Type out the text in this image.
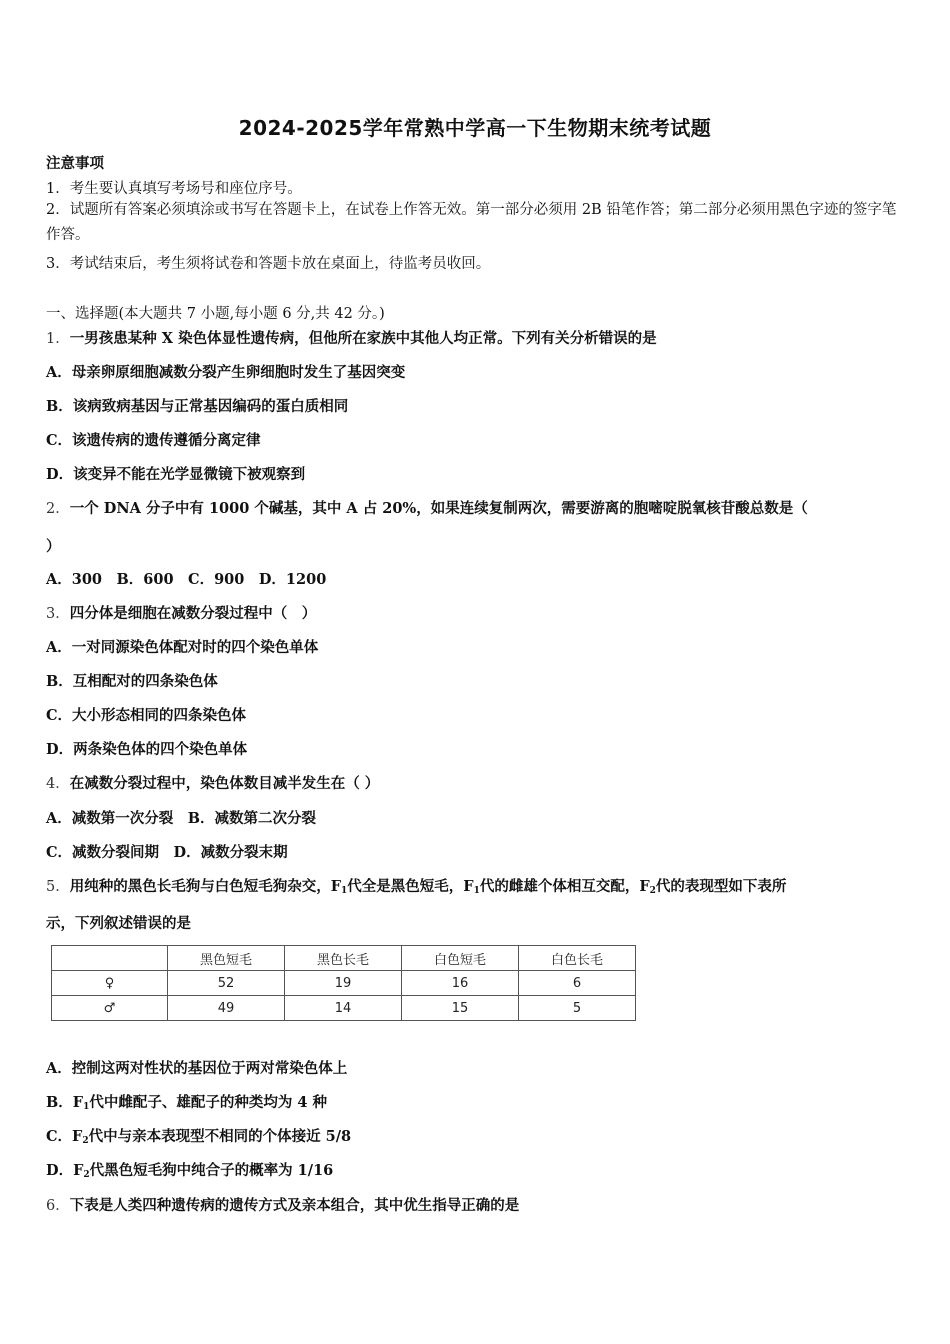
2024-2025学年常熟中学高一下生物期末统考试题
注意事项
1．考生要认真填写考场号和座位序号。
2．试题所有答案必须填涂或书写在答题卡上，在试卷上作答无效。第一部分必须用 2B 铅笔作答；第二部分必须用黑色字迹的签字笔作答。
3．考试结束后，考生须将试卷和答题卡放在桌面上，待监考员收回。
一、选择题(本大题共 7 小题,每小题 6 分,共 42 分。)
1．一男孩患某种 X 染色体显性遗传病，但他所在家族中其他人均正常。下列有关分析错误的是
A．母亲卵原细胞减数分裂产生卵细胞时发生了基因突变
B．该病致病基因与正常基因编码的蛋白质相同
C．该遗传病的遗传遵循分离定律
D．该变异不能在光学显微镜下被观察到
2．一个 DNA 分子中有 1000 个碱基，其中 A 占 20%，如果连续复制两次，需要游离的胞嘧啶脱氧核苷酸总数是（
）
A．300　B．600　C．900　D．1200
3．四分体是细胞在减数分裂过程中（　）
A．一对同源染色体配对时的四个染色单体
B．互相配对的四条染色体
C．大小形态相同的四条染色体
D．两条染色体的四个染色单体
4．在减数分裂过程中，染色体数目减半发生在（ ）
A．减数第一次分裂　B．减数第二次分裂
C．减数分裂间期　D．减数分裂末期
5．用纯种的黑色长毛狗与白色短毛狗杂交，$F_1$代全是黑色短毛，$F_1$代的雌雄个体相互交配，$F_2$代的表现型如下表所
示，下列叙述错误的是
	黑色短毛	黑色长毛	白色短毛	白色长毛
♀	52	19	16	6
♂	49	14	15	5
A．控制这两对性状的基因位于两对常染色体上
B．$F_1$代中雌配子、雄配子的种类均为 4 种
C．$F_2$代中与亲本表现型不相同的个体接近 5/8
D．$F_2$代黑色短毛狗中纯合子的概率为 1/16
6．下表是人类四种遗传病的遗传方式及亲本组合，其中优生指导正确的是
